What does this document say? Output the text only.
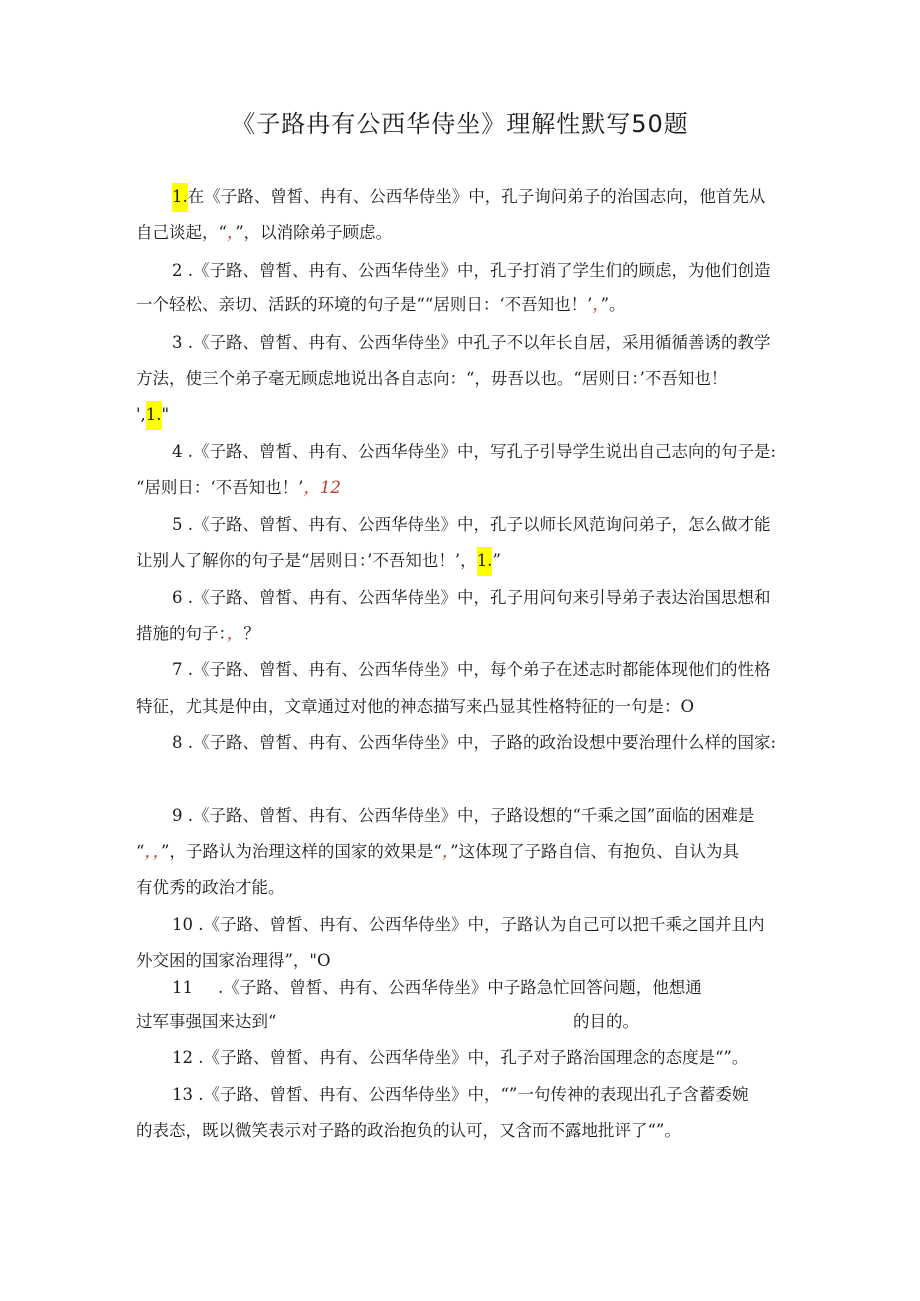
《子路冉有公西华侍坐》理解性默写50题
1.在《子路、曾皙、冉有、公西华侍坐》中，孔子询问弟子的治国志向，他首先从
自己谈起，“，”，以消除弟子顾虑。
2 .《子路、曾皙、冉有、公西华侍坐》中，孔子打消了学生们的顾虑，为他们创造
一个轻松、亲切、活跃的环境的句子是““居则日：‘不吾知也！’，”。
3 .《子路、曾皙、冉有、公西华侍坐》中孔子不以年长自居，采用循循善诱的教学
方法，使三个弟子毫无顾虑地说出各自志向：“，毋吾以也。“居则日：’不吾知也！
',1."
4 .《子路、曾皙、冉有、公西华侍坐》中，写孔子引导学生说出自己志向的句子是:
“居则日：‘不吾知也！’，12
5 .《子路、曾皙、冉有、公西华侍坐》中，孔子以师长风范询问弟子，怎么做才能
让别人了解你的句子是“居则日：’不吾知也！’，1.”
6 .《子路、曾皙、冉有、公西华侍坐》中，孔子用问句来引导弟子表达治国思想和
措施的句子：，？
7 .《子路、曾皙、冉有、公西华侍坐》中，每个弟子在述志时都能体现他们的性格
特征，尤其是仲由，文章通过对他的神态描写来凸显其性格特征的一句是：O
8 .《子路、曾皙、冉有、公西华侍坐》中，子路的政治设想中要治理什么样的国家:
9 .《子路、曾皙、冉有、公西华侍坐》中，子路设想的“千乘之国”面临的困难是
“，，”，子路认为治理这样的国家的效果是“，”这体现了子路自信、有抱负、自认为具
有优秀的政治才能。
10 .《子路、曾皙、冉有、公西华侍坐》中，子路认为自己可以把千乘之国并且内
外交困的国家治理得”，"O
11 .《子路、曾皙、冉有、公西华侍坐》中子路急忙回答问题，他想通
过军事强国来达到“	的目的。
12 .《子路、曾皙、冉有、公西华侍坐》中，孔子对子路治国理念的态度是“”。
13 .《子路、曾皙、冉有、公西华侍坐》中，“”一句传神的表现出孔子含蓄委婉
的表态，既以微笑表示对子路的政治抱负的认可，又含而不露地批评了“”。
